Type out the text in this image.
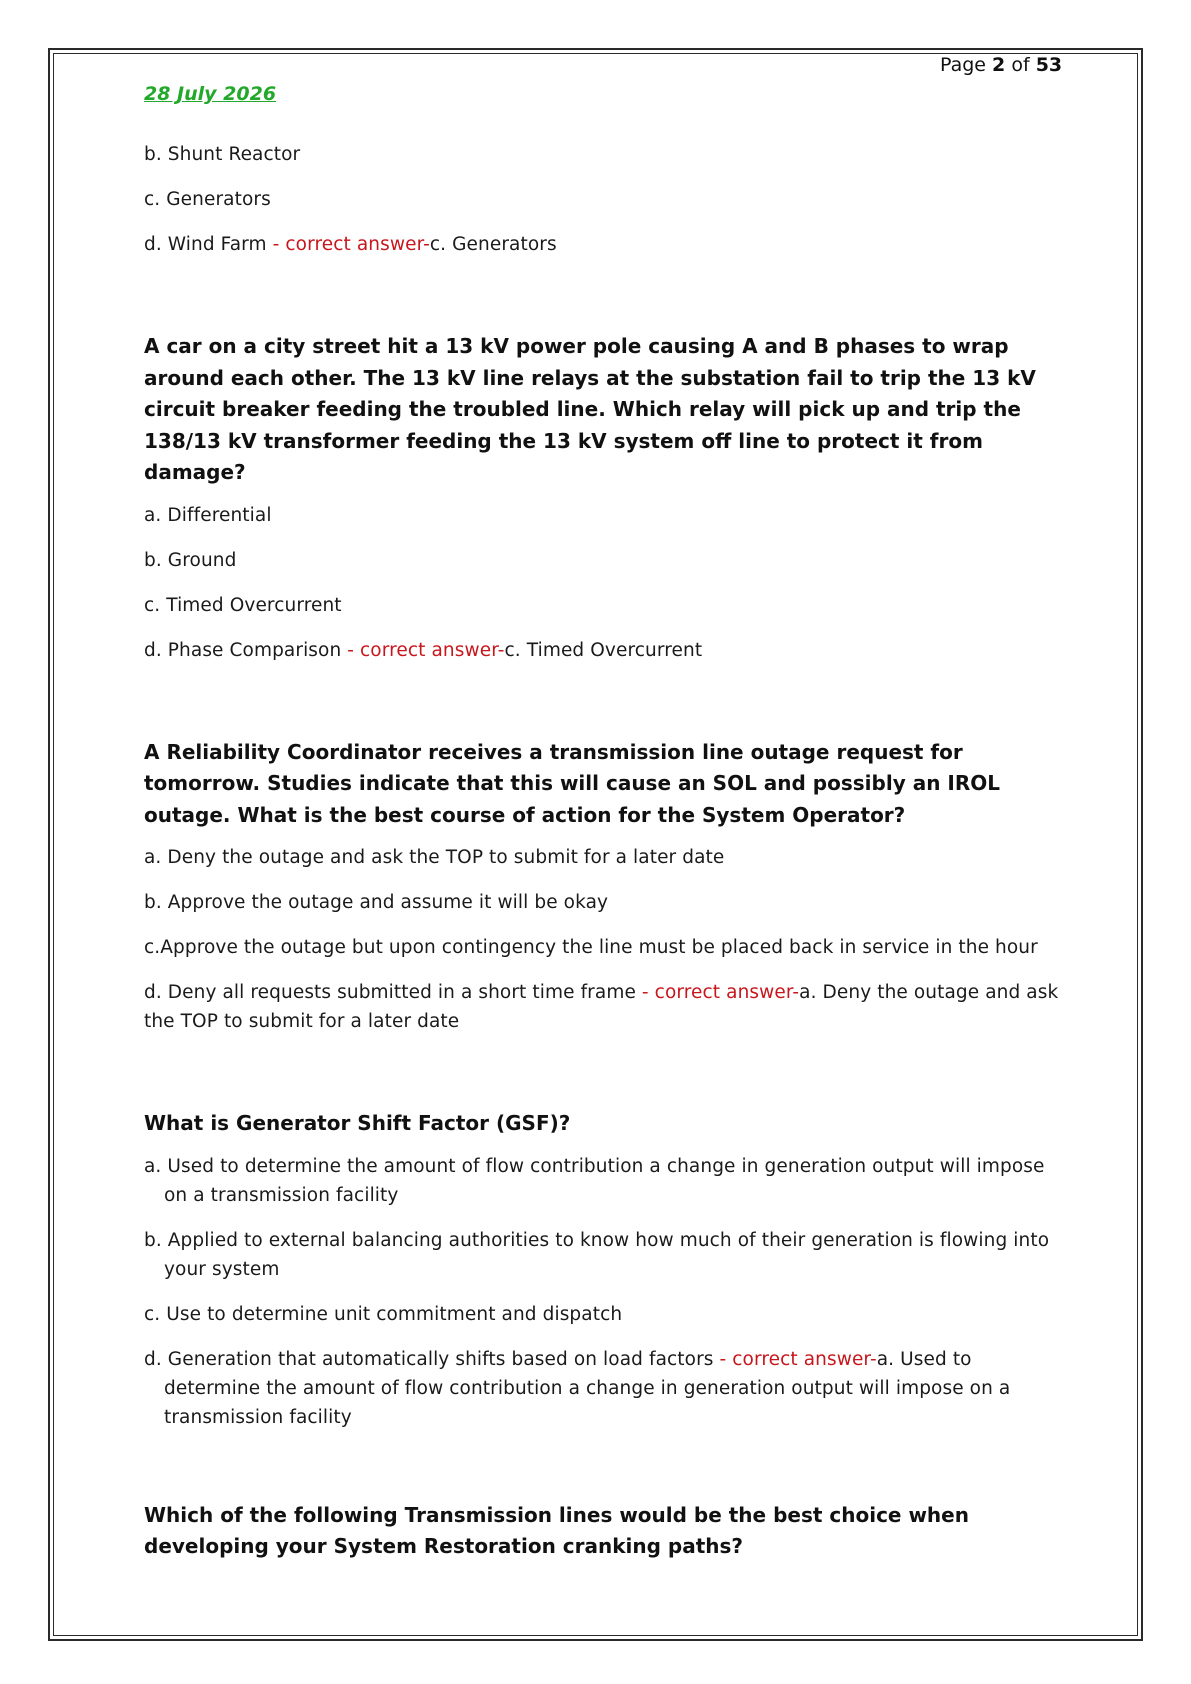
Page 2 of 53
28 July 2026

b. Shunt Reactor

c. Generators

d. Wind Farm - correct answer-c. Generators

A car on a city street hit a 13 kV power pole causing A and B phases to wrap around each other. The 13 kV line relays at the substation fail to trip the 13 kV circuit breaker feeding the troubled line. Which relay will pick up and trip the 138/13 kV transformer feeding the 13 kV system off line to protect it from damage?

a. Differential

b. Ground

c. Timed Overcurrent

d. Phase Comparison - correct answer-c. Timed Overcurrent

A Reliability Coordinator receives a transmission line outage request for tomorrow. Studies indicate that this will cause an SOL and possibly an IROL outage. What is the best course of action for the System Operator?

a. Deny the outage and ask the TOP to submit for a later date

b. Approve the outage and assume it will be okay

c.Approve the outage but upon contingency the line must be placed back in service in the hour

d. Deny all requests submitted in a short time frame - correct answer-a. Deny the outage and ask the TOP to submit for a later date

What is Generator Shift Factor (GSF)?

a. Used to determine the amount of flow contribution a change in generation output will impose on a transmission facility

b. Applied to external balancing authorities to know how much of their generation is flowing into your system

c. Use to determine unit commitment and dispatch

d. Generation that automatically shifts based on load factors - correct answer-a. Used to determine the amount of flow contribution a change in generation output will impose on a transmission facility

Which of the following Transmission lines would be the best choice when developing your System Restoration cranking paths?
